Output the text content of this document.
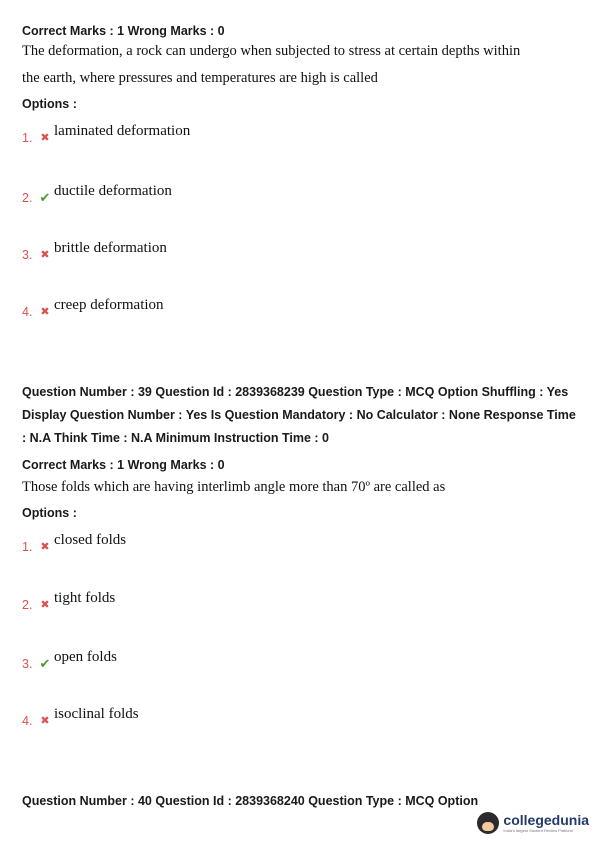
Correct Marks : 1 Wrong Marks : 0
The deformation, a rock can undergo when subjected to stress at certain depths within
the earth, where pressures and temperatures are high is called
Options :
1. ✖ laminated deformation
2. ✔ ductile deformation
3. ✖ brittle deformation
4. ✖ creep deformation
Question Number : 39 Question Id : 2839368239 Question Type : MCQ Option Shuffling : Yes
Display Question Number : Yes Is Question Mandatory : No Calculator : None Response Time
: N.A Think Time : N.A Minimum Instruction Time : 0
Correct Marks : 1 Wrong Marks : 0
Those folds which are having interlimb angle more than 70º are called as
Options :
1. ✖ closed folds
2. ✖ tight folds
3. ✔ open folds
4. ✖ isoclinal folds
Question Number : 40 Question Id : 2839368240 Question Type : MCQ Option
collegedunia
India's largest Student Review Platform
